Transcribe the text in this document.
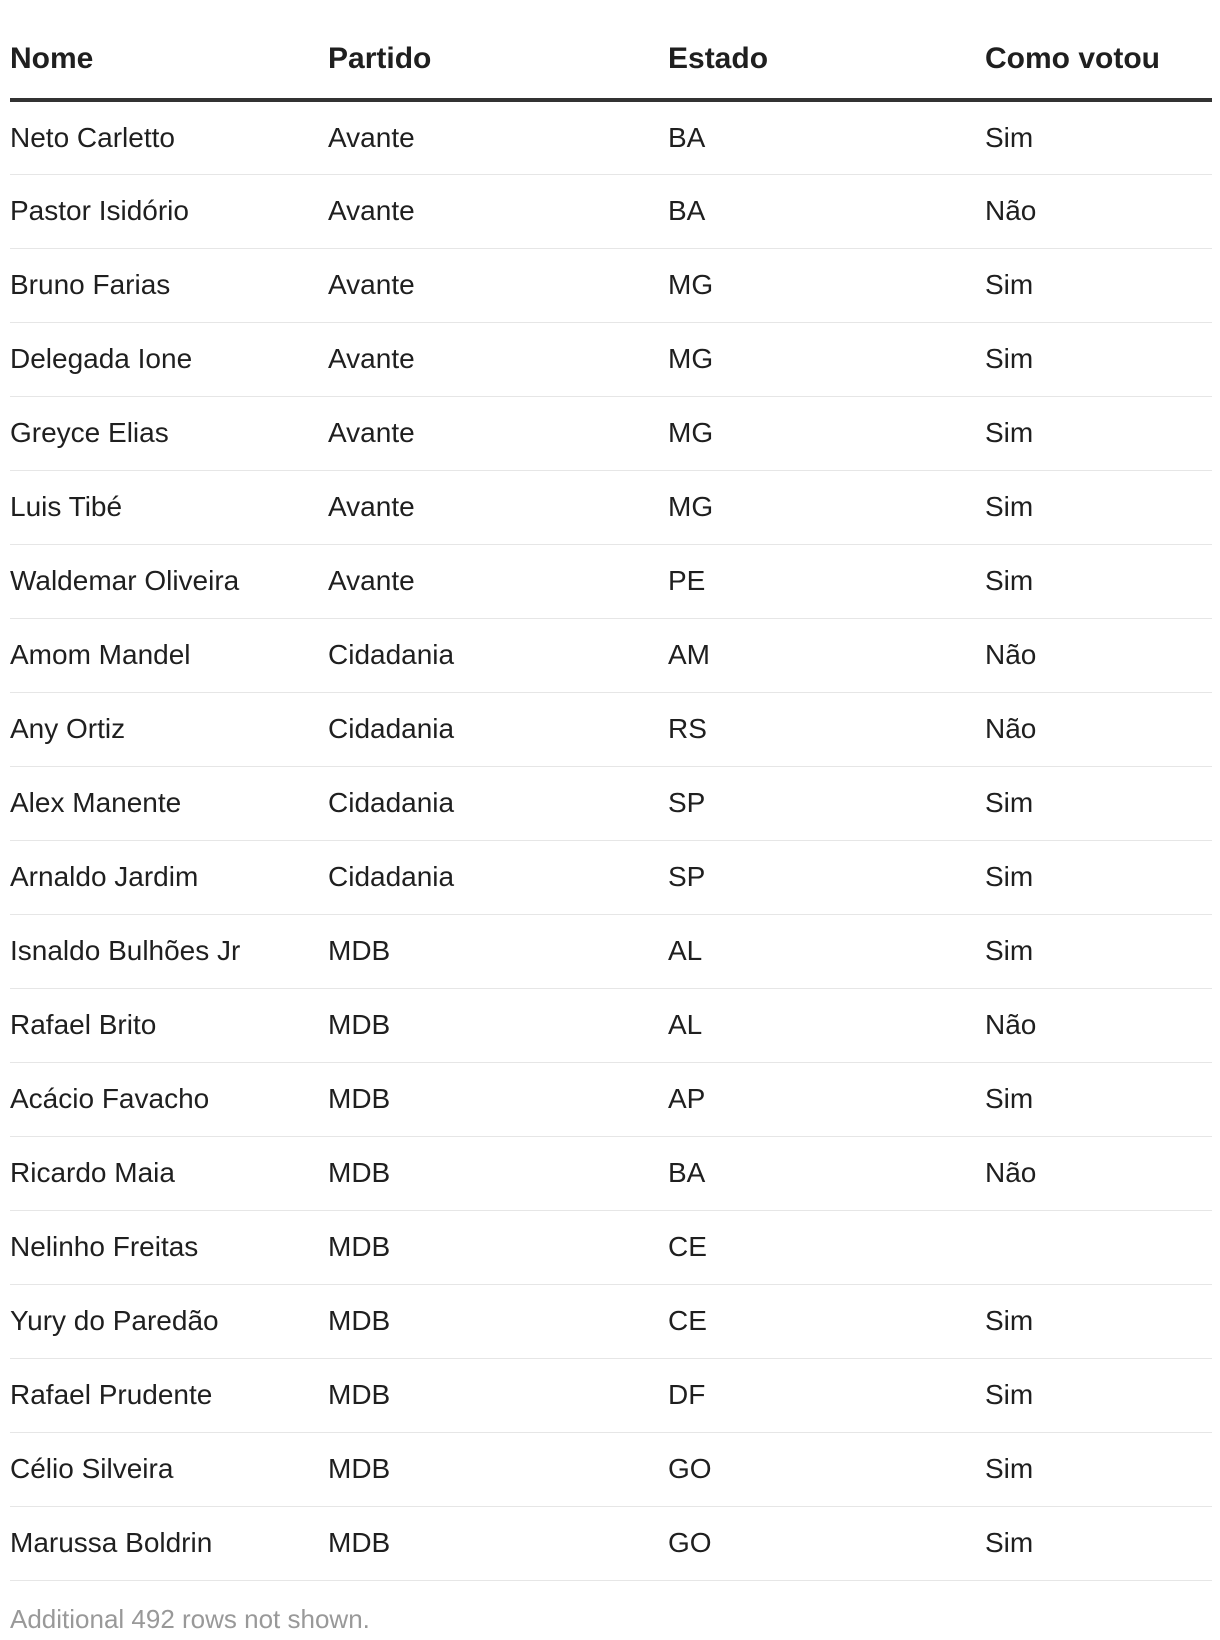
Nome	Partido	Estado	Como votou
Neto Carletto	Avante	BA	Sim
Pastor Isidório	Avante	BA	Não
Bruno Farias	Avante	MG	Sim
Delegada Ione	Avante	MG	Sim
Greyce Elias	Avante	MG	Sim
Luis Tibé	Avante	MG	Sim
Waldemar Oliveira	Avante	PE	Sim
Amom Mandel	Cidadania	AM	Não
Any Ortiz	Cidadania	RS	Não
Alex Manente	Cidadania	SP	Sim
Arnaldo Jardim	Cidadania	SP	Sim
Isnaldo Bulhões Jr	MDB	AL	Sim
Rafael Brito	MDB	AL	Não
Acácio Favacho	MDB	AP	Sim
Ricardo Maia	MDB	BA	Não
Nelinho Freitas	MDB	CE	
Yury do Paredão	MDB	CE	Sim
Rafael Prudente	MDB	DF	Sim
Célio Silveira	MDB	GO	Sim
Marussa Boldrin	MDB	GO	Sim
Additional 492 rows not shown.
